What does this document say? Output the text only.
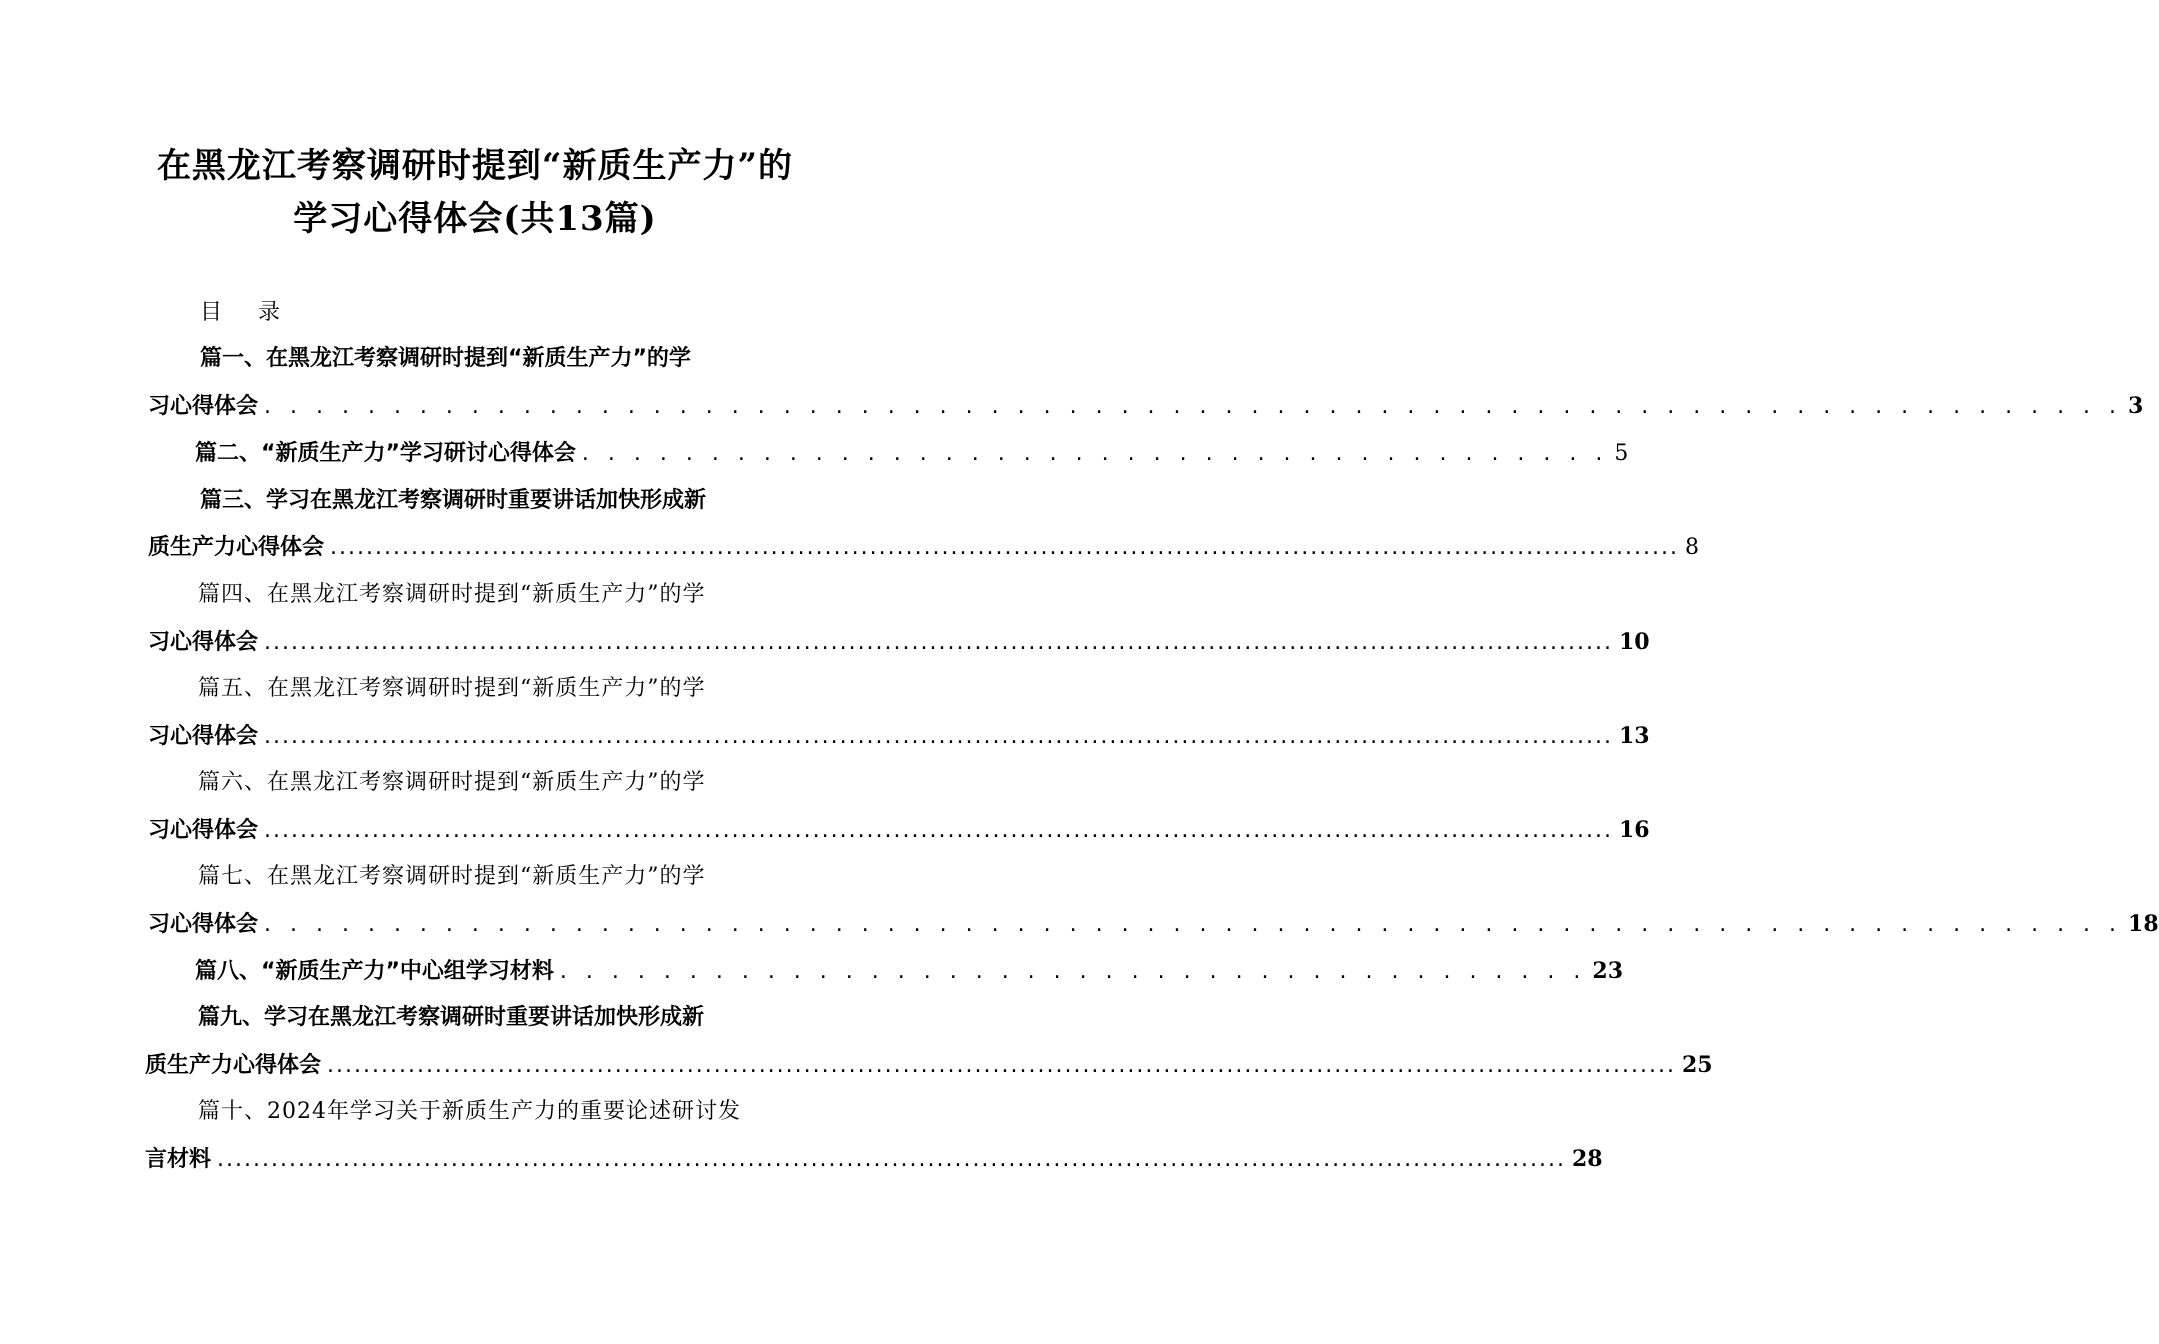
在黑龙江考察调研时提到“新质生产力”的
学习心得体会(共13篇)
目 录
篇一、在黑龙江考察调研时提到“新质生产力”的学
习心得体会 . . . . . . . . . . . . . . . . . . . . . . . . . . . . . . . . . . . . . . . . . . . . . . . . . . . . . . . . . . . . . . . . . . . . . . . . 3
篇二、“新质生产力”学习研讨心得体会 . . . . . . . . . . . . . . . . . . . . . . . . . . . . . . . . . . . . . . . . 5
篇三、学习在黑龙江考察调研时重要讲话加快形成新
质生产力心得体会 ...................................................................................................................................................... 8
篇四、在黑龙江考察调研时提到“新质生产力”的学
习心得体会 ...................................................................................................................................................... 10
篇五、在黑龙江考察调研时提到“新质生产力”的学
习心得体会 ...................................................................................................................................................... 13
篇六、在黑龙江考察调研时提到“新质生产力”的学
习心得体会 ...................................................................................................................................................... 16
篇七、在黑龙江考察调研时提到“新质生产力”的学
习心得体会 . . . . . . . . . . . . . . . . . . . . . . . . . . . . . . . . . . . . . . . . . . . . . . . . . . . . . . . . . . . . . . . . . . . . . . . . 18
篇八、“新质生产力”中心组学习材料 . . . . . . . . . . . . . . . . . . . . . . . . . . . . . . . . . . . . . . . . 23
篇九、学习在黑龙江考察调研时重要讲话加快形成新
质生产力心得体会 ...................................................................................................................................................... 25
篇十、2024年学习关于新质生产力的重要论述研讨发
言材料 ...................................................................................................................................................... 28
